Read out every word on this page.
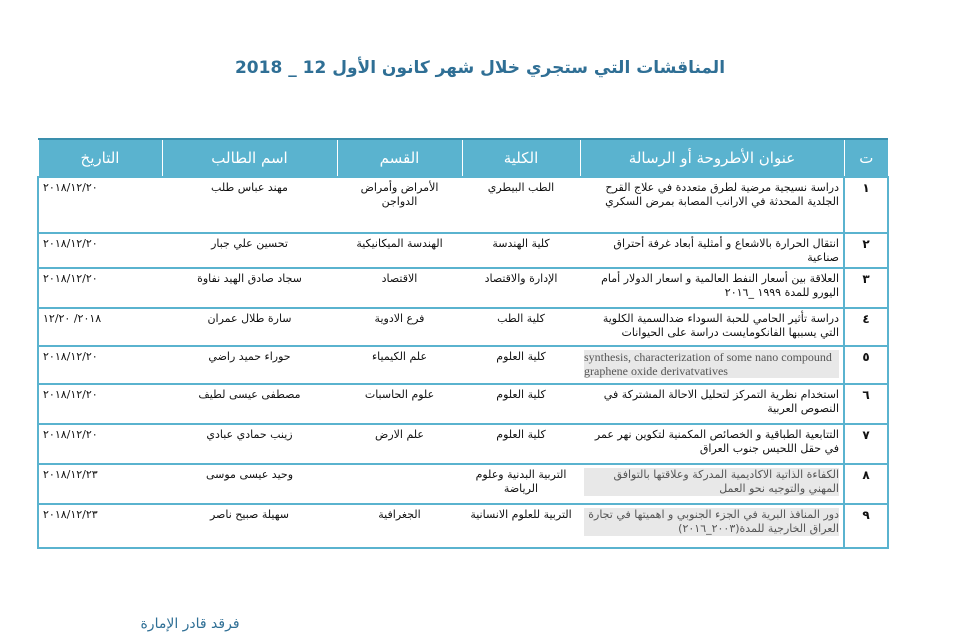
المناقشات التي ستجري خلال شهر كانون الأول 12 _ 2018
ت	عنوان الأطروحة أو الرسالة	الكلية	القسم	اسم الطالب	التاريخ
١	دراسة نسيجية مرضية لطرق متعددة في علاج القرح الجلدية المحدثة في الارانب المصابة بمرض السكري	الطب البيطري	الأمراض وأمراض الدواجن	مهند عباس طلب	٢٠١٨/١٢/٢٠
٢	انتقال الحرارة بالاشعاع و أمثلية أبعاد غرفة أحتراق صناعية	كلية الهندسة	الهندسة الميكانيكية	تحسين علي جبار	٢٠١٨/١٢/٢٠
٣	العلاقة بين أسعار النفط العالمية و اسعار الدولار أمام اليورو للمدة ١٩٩٩ _٢٠١٦	الإدارة والاقتصاد	الاقتصاد	سجاد صادق الهيد نفاوة	٢٠١٨/١٢/٢٠
٤	دراسة تأثير الحامي للحبة السوداء ضدالسمية الكلوية التي يسببها الفانكومايست دراسة على الحيوانات	كلية الطب	فرع الادوية	سارة طلال عمران	٢٠١٨/ ١٢/٢٠
٥	synthesis, characterization of some nano compound graphene oxide derivatvatives	كلية العلوم	علم الكيمياء	حوراء حميد راضي	٢٠١٨/١٢/٢٠
٦	استخدام نظرية التمركز لتحليل الاحالة المشتركة في النصوص العربية	كلية العلوم	علوم الحاسبات	مصطفى عيسى لطيف	٢٠١٨/١٢/٢٠
٧	التتابعية الطباقية و الخصائص المكمنية لتكوين نهر عمر في حقل اللحيس جنوب العراق	كلية العلوم	علم الارض	زينب حمادي عبادي	٢٠١٨/١٢/٢٠
٨	الكفاءة الذاتية الاكاديمية المدركة وعلاقتها بالتوافق المهني والتوجيه نحو العمل	التربية البدنية وعلوم الرياضة		وحيد عيسى موسى	٢٠١٨/١٢/٢٣
٩	دور المنافذ البرية في الجزء الجنوبي و اهميتها في تجارة العراق الخارجية للمدة(٢٠٠٣_٢٠١٦)	التربية للعلوم الانسانية	الجغرافية	سهيلة صبيح ناصر	٢٠١٨/١٢/٢٣
فرقد قادر الإمارة
